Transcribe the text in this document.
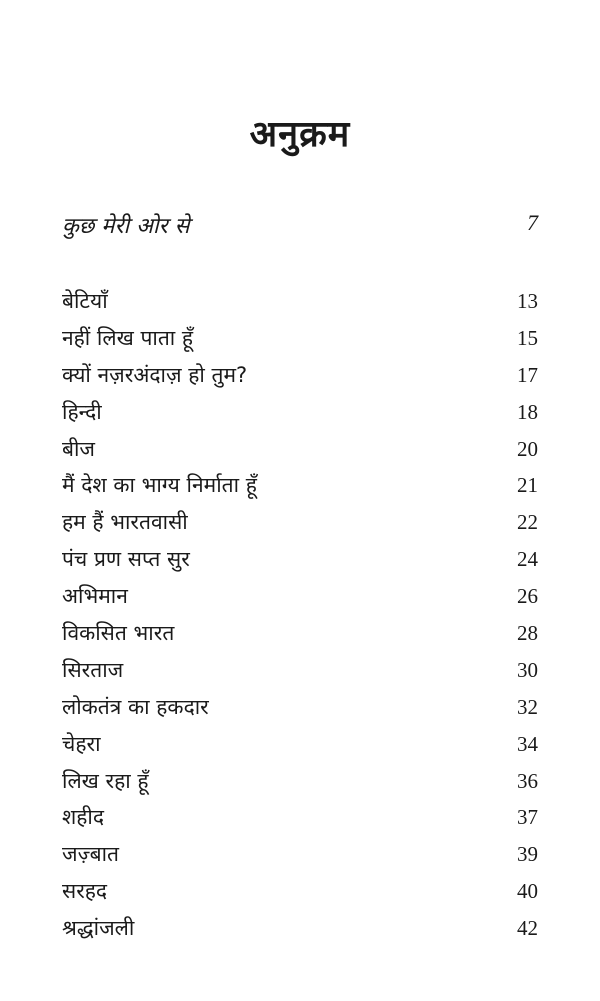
अनुक्रम
कुछ मेरी ओर से	7
बेटियाँ	13
नहीं लिख पाता हूँ	15
क्यों नज़रअंदाज़ हो तुम?	17
हिन्दी	18
बीज	20
मैं देश का भाग्य निर्माता हूँ	21
हम हैं भारतवासी	22
पंच प्रण सप्त सुर	24
अभिमान	26
विकसित भारत	28
सिरताज	30
लोकतंत्र का हकदार	32
चेहरा	34
लिख रहा हूँ	36
शहीद	37
जज़्बात	39
सरहद	40
श्रद्धांजली	42
